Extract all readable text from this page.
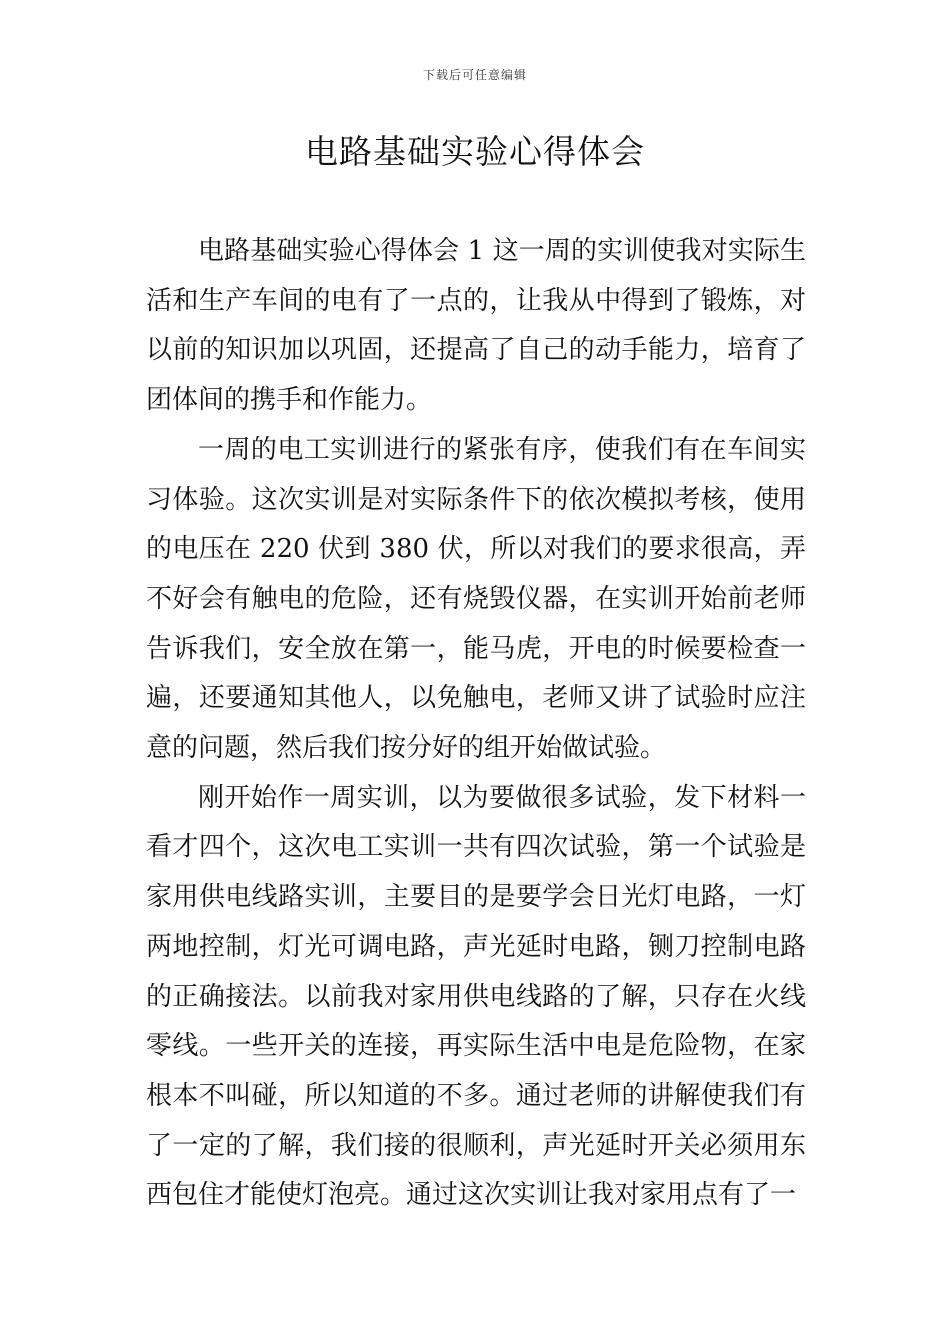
下载后可任意编辑
电路基础实验心得体会

电路基础实验心得体会 1 这一周的实训使我对实际生活和生产车间的电有了一点的，让我从中得到了锻炼，对以前的知识加以巩固，还提高了自己的动手能力，培育了团体间的携手和作能力。

一周的电工实训进行的紧张有序，使我们有在车间实习体验。这次实训是对实际条件下的依次模拟考核，使用的电压在 220 伏到 380 伏，所以对我们的要求很高，弄不好会有触电的危险，还有烧毁仪器，在实训开始前老师告诉我们，安全放在第一，能马虎，开电的时候要检查一遍，还要通知其他人，以免触电，老师又讲了试验时应注意的问题，然后我们按分好的组开始做试验。

刚开始作一周实训，以为要做很多试验，发下材料一看才四个，这次电工实训一共有四次试验，第一个试验是家用供电线路实训，主要目的是要学会日光灯电路，一灯两地控制，灯光可调电路，声光延时电路，铡刀控制电路的正确接法。以前我对家用供电线路的了解，只存在火线零线。一些开关的连接，再实际生活中电是危险物，在家根本不叫碰，所以知道的不多。通过老师的讲解使我们有了一定的了解，我们接的很顺利，声光延时开关必须用东西包住才能使灯泡亮。通过这次实训让我对家用点有了一
